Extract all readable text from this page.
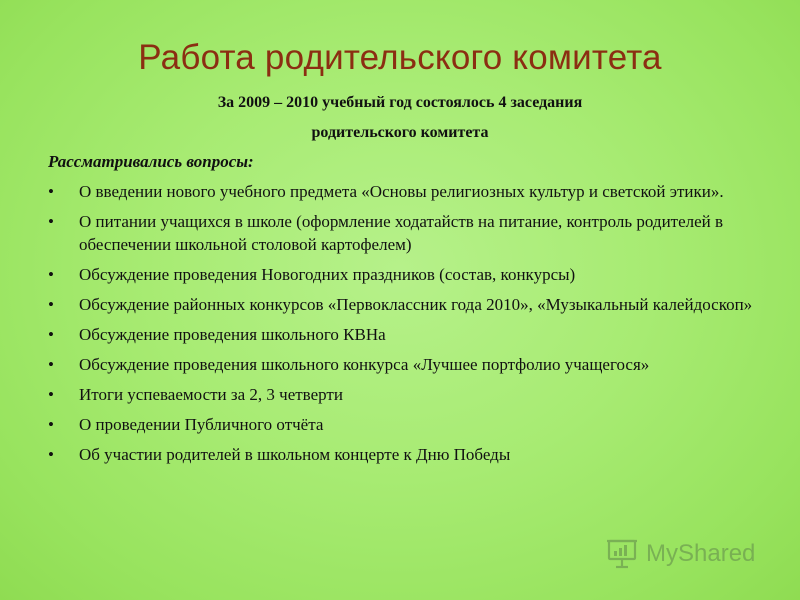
Работа родительского комитета
За 2009 – 2010 учебный год состоялось 4 заседания
родительского комитета
Рассматривались вопросы:
• О введении нового учебного предмета «Основы религиозных культур и светской этики».
• О питании учащихся в школе (оформление ходатайств на питание, контроль родителей в обеспечении школьной столовой картофелем)
• Обсуждение проведения Новогодних праздников (состав, конкурсы)
• Обсуждение районных конкурсов «Первоклассник года 2010», «Музыкальный калейдоскоп»
• Обсуждение проведения школьного КВНа
• Обсуждение проведения школьного конкурса «Лучшее портфолио учащегося»
• Итоги успеваемости за 2, 3 четверти
• О проведении Публичного отчёта
• Об участии родителей в школьном концерте к Дню Победы
MyShared
